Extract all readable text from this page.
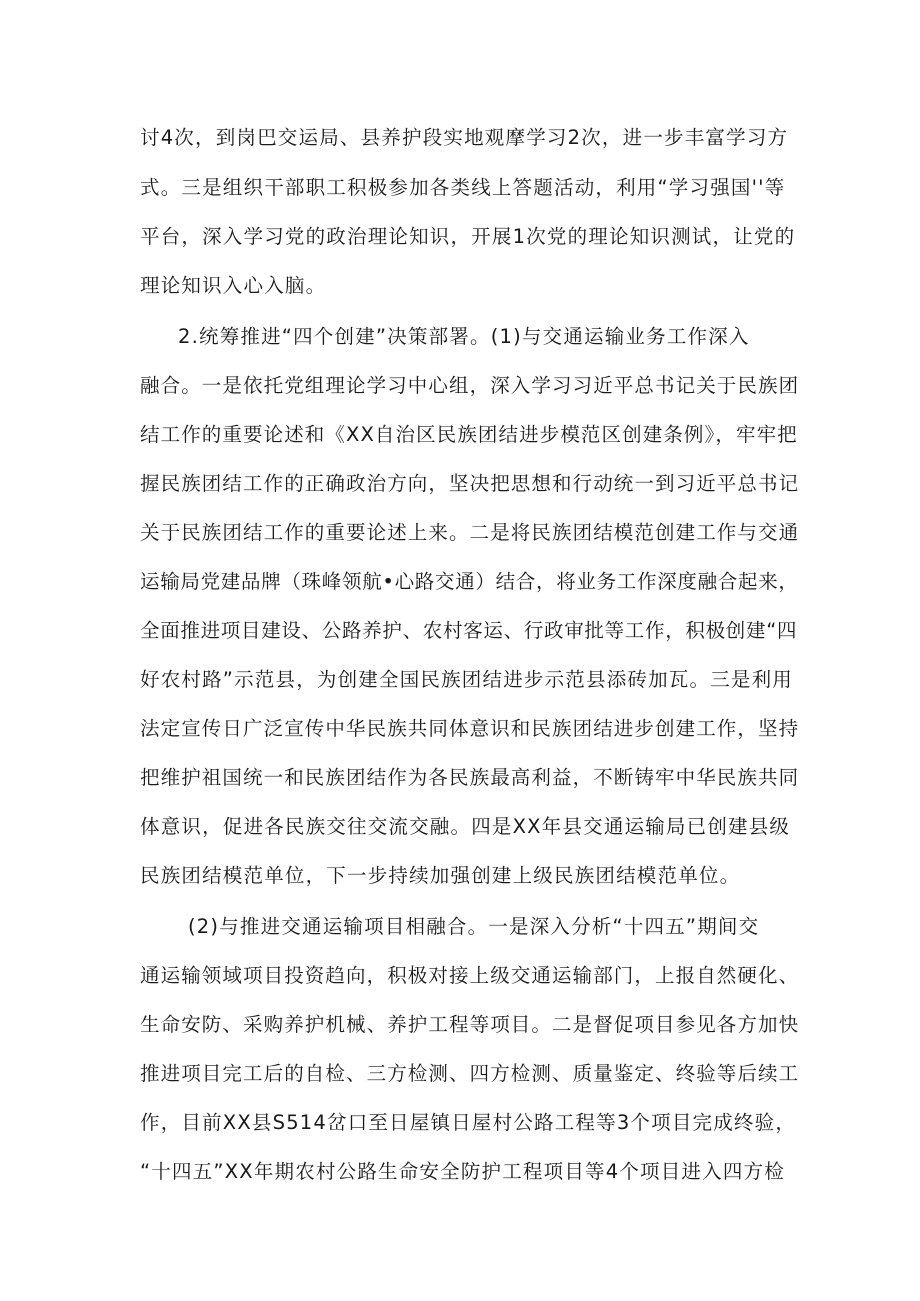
讨4次，到岗巴交运局、县养护段实地观摩学习2次，进一步丰富学习方
式。三是组织干部职工积极参加各类线上答题活动，利用“学习强国''等
平台，深入学习党的政治理论知识，开展1次党的理论知识测试，让党的
理论知识入心入脑。
2.统筹推进“四个创建”决策部署。(1)与交通运输业务工作深入
融合。一是依托党组理论学习中心组，深入学习习近平总书记关于民族团
结工作的重要论述和《XX自治区民族团结进步模范区创建条例》，牢牢把
握民族团结工作的正确政治方向，坚决把思想和行动统一到习近平总书记
关于民族团结工作的重要论述上来。二是将民族团结模范创建工作与交通
运输局党建品牌（珠峰领航•心路交通）结合，将业务工作深度融合起来，
全面推进项目建设、公路养护、农村客运、行政审批等工作，积极创建“四
好农村路”示范县，为创建全国民族团结进步示范县添砖加瓦。三是利用
法定宣传日广泛宣传中华民族共同体意识和民族团结进步创建工作，坚持
把维护祖国统一和民族团结作为各民族最高利益，不断铸牢中华民族共同
体意识，促进各民族交往交流交融。四是XX年县交通运输局已创建县级
民族团结模范单位，下一步持续加强创建上级民族团结模范单位。
(2)与推进交通运输项目相融合。一是深入分析“十四五”期间交
通运输领域项目投资趋向，积极对接上级交通运输部门，上报自然硬化、
生命安防、采购养护机械、养护工程等项目。二是督促项目参见各方加快
推进项目完工后的自检、三方检测、四方检测、质量鉴定、终验等后续工
作，目前XX县S514岔口至日屋镇日屋村公路工程等3个项目完成终验，
“十四五”XX年期农村公路生命安全防护工程项目等4个项目进入四方检
